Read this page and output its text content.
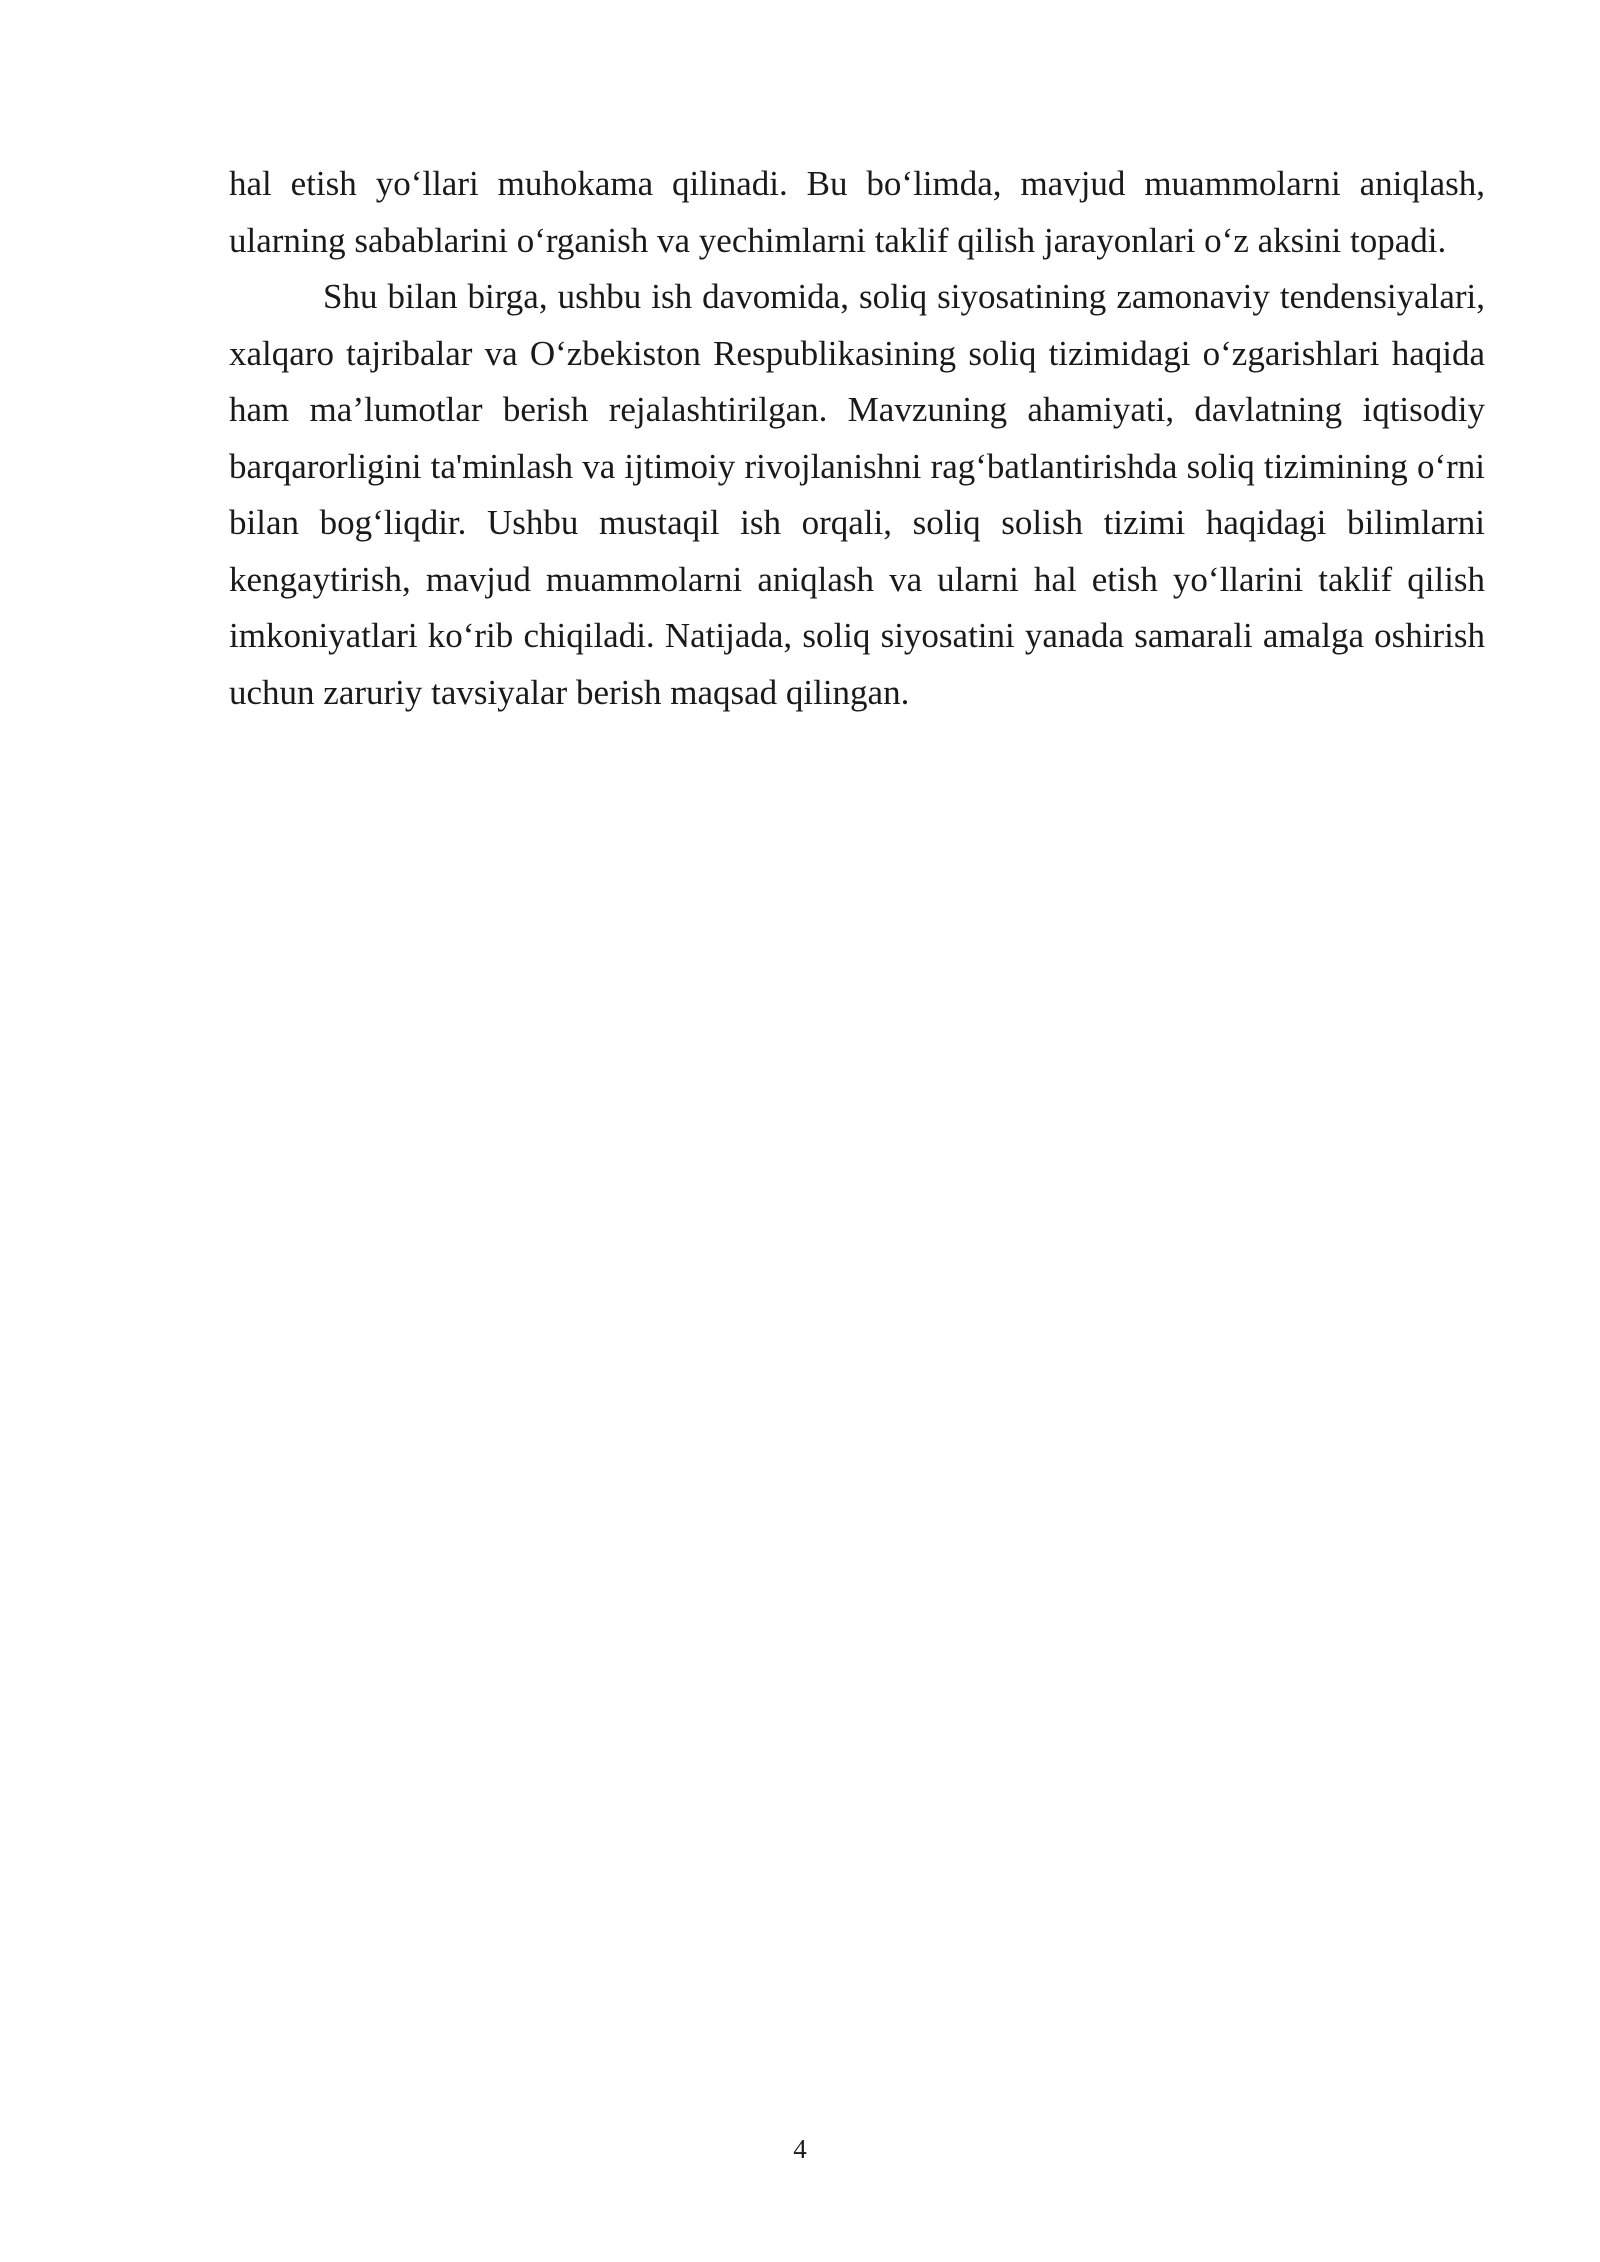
hal etish yo‘llari muhokama qilinadi. Bu bo‘limda, mavjud muammolarni aniqlash, ularning sabablarini o‘rganish va yechimlarni taklif qilish jarayonlari o‘z aksini topadi.

Shu bilan birga, ushbu ish davomida, soliq siyosatining zamonaviy tendensiyalari, xalqaro tajribalar va O‘zbekiston Respublikasining soliq tizimidagi o‘zgarishlari haqida ham ma’lumotlar berish rejalashtirilgan. Mavzuning ahamiyati, davlatning iqtisodiy barqarorligini ta'minlash va ijtimoiy rivojlanishni rag‘batlantirishda soliq tizimining o‘rni bilan bog‘liqdir. Ushbu mustaqil ish orqali, soliq solish tizimi haqidagi bilimlarni kengaytirish, mavjud muammolarni aniqlash va ularni hal etish yo‘llarini taklif qilish imkoniyatlari ko‘rib chiqiladi. Natijada, soliq siyosatini yanada samarali amalga oshirish uchun zaruriy tavsiyalar berish maqsad qilingan.

4
